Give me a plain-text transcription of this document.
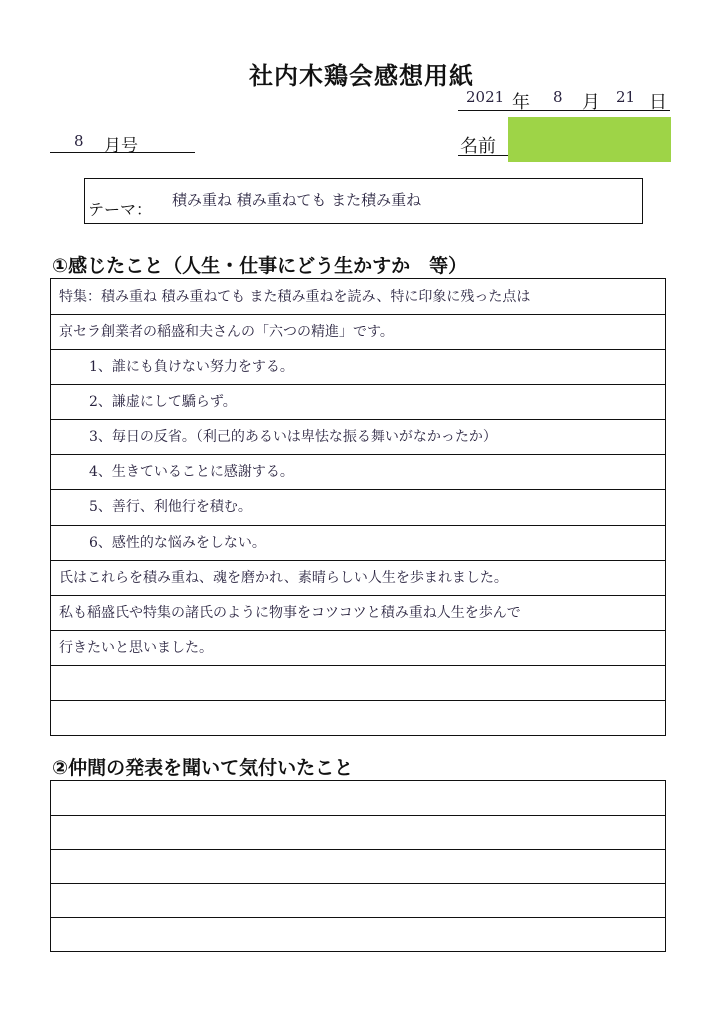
社内木鶏会感想用紙
2021 年 8 月 21 日
8 月号	名前
テーマ： 積み重ね 積み重ねても また積み重ね
①感じたこと（人生・仕事にどう生かすか　等）
特集：積み重ね 積み重ねても また積み重ねを読み、特に印象に残った点は
京セラ創業者の稲盛和夫さんの「六つの精進」です。
1、誰にも負けない努力をする。
2、謙虚にして驕らず。
3、毎日の反省。（利己的あるいは卑怯な振る舞いがなかったか）
4、生きていることに感謝する。
5、善行、利他行を積む。
6、感性的な悩みをしない。
氏はこれらを積み重ね、魂を磨かれ、素晴らしい人生を歩まれました。
私も稲盛氏や特集の諸氏のように物事をコツコツと積み重ね人生を歩んで
行きたいと思いました。
②仲間の発表を聞いて気付いたこと
